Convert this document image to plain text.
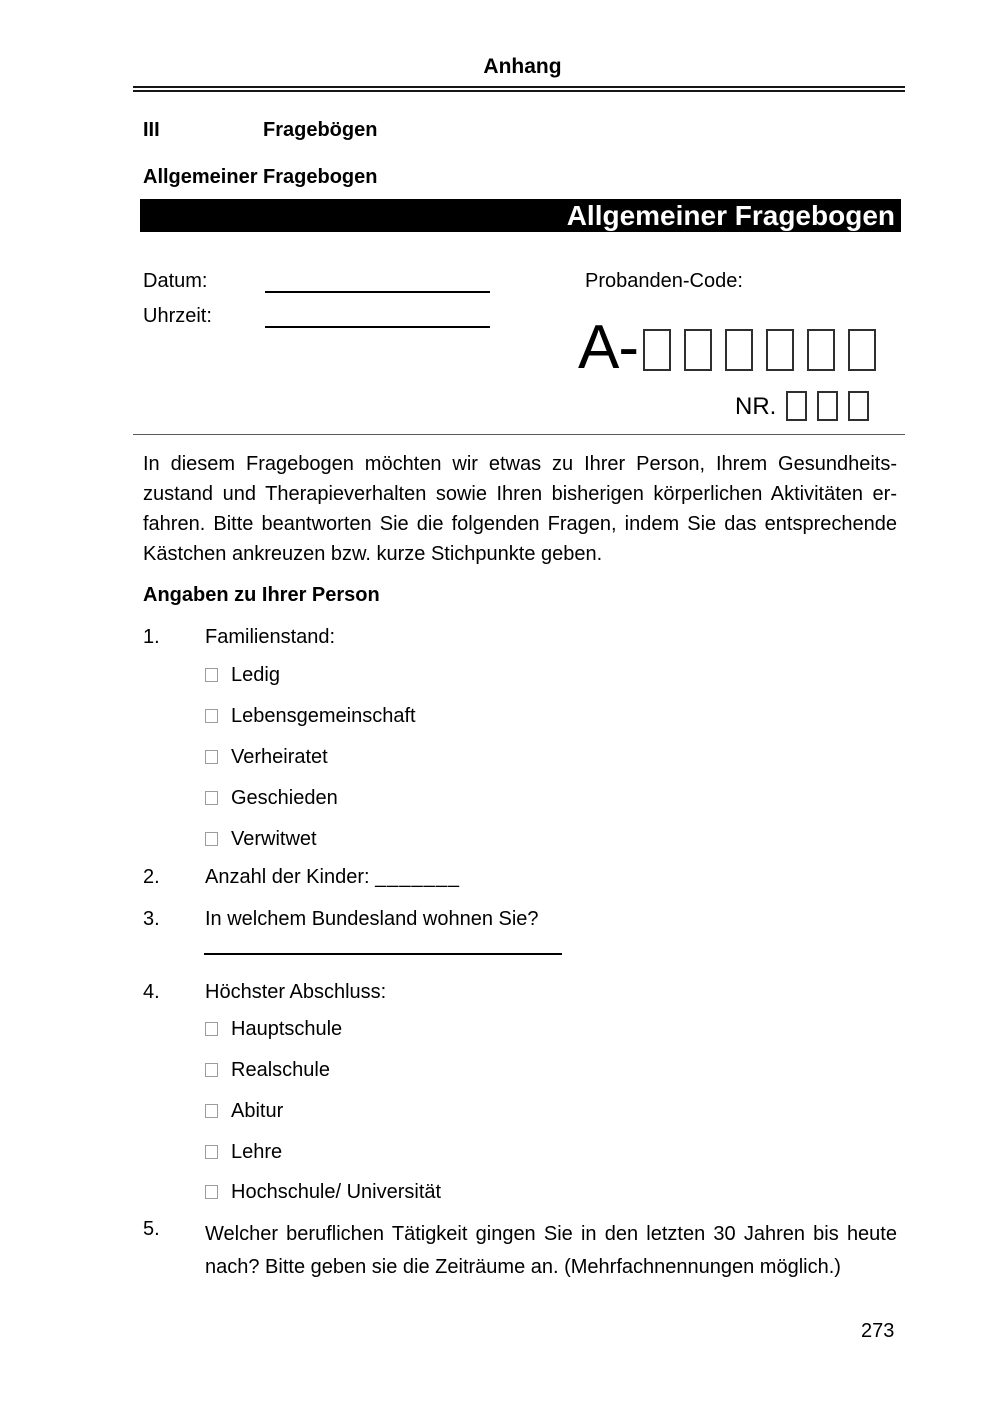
Anhang
III	Fragebögen
Allgemeiner Fragebogen
Allgemeiner Fragebogen
Datum:
Uhrzeit:
Probanden-Code:
A-
NR.
In diesem Fragebogen möchten wir etwas zu Ihrer Person, Ihrem Gesundheits-
zustand und Therapieverhalten sowie Ihren bisherigen körperlichen Aktivitäten er-
fahren. Bitte beantworten Sie die folgenden Fragen, indem Sie das entsprechende
Kästchen ankreuzen bzw. kurze Stichpunkte geben.
Angaben zu Ihrer Person
1. Familienstand:
Ledig
Lebensgemeinschaft
Verheiratet
Geschieden
Verwitwet
2. Anzahl der Kinder: _______
3. In welchem Bundesland wohnen Sie?
4. Höchster Abschluss:
Hauptschule
Realschule
Abitur
Lehre
Hochschule/ Universität
5. Welcher beruflichen Tätigkeit gingen Sie in den letzten 30 Jahren bis heute
nach? Bitte geben sie die Zeiträume an. (Mehrfachnennungen möglich.)
273
